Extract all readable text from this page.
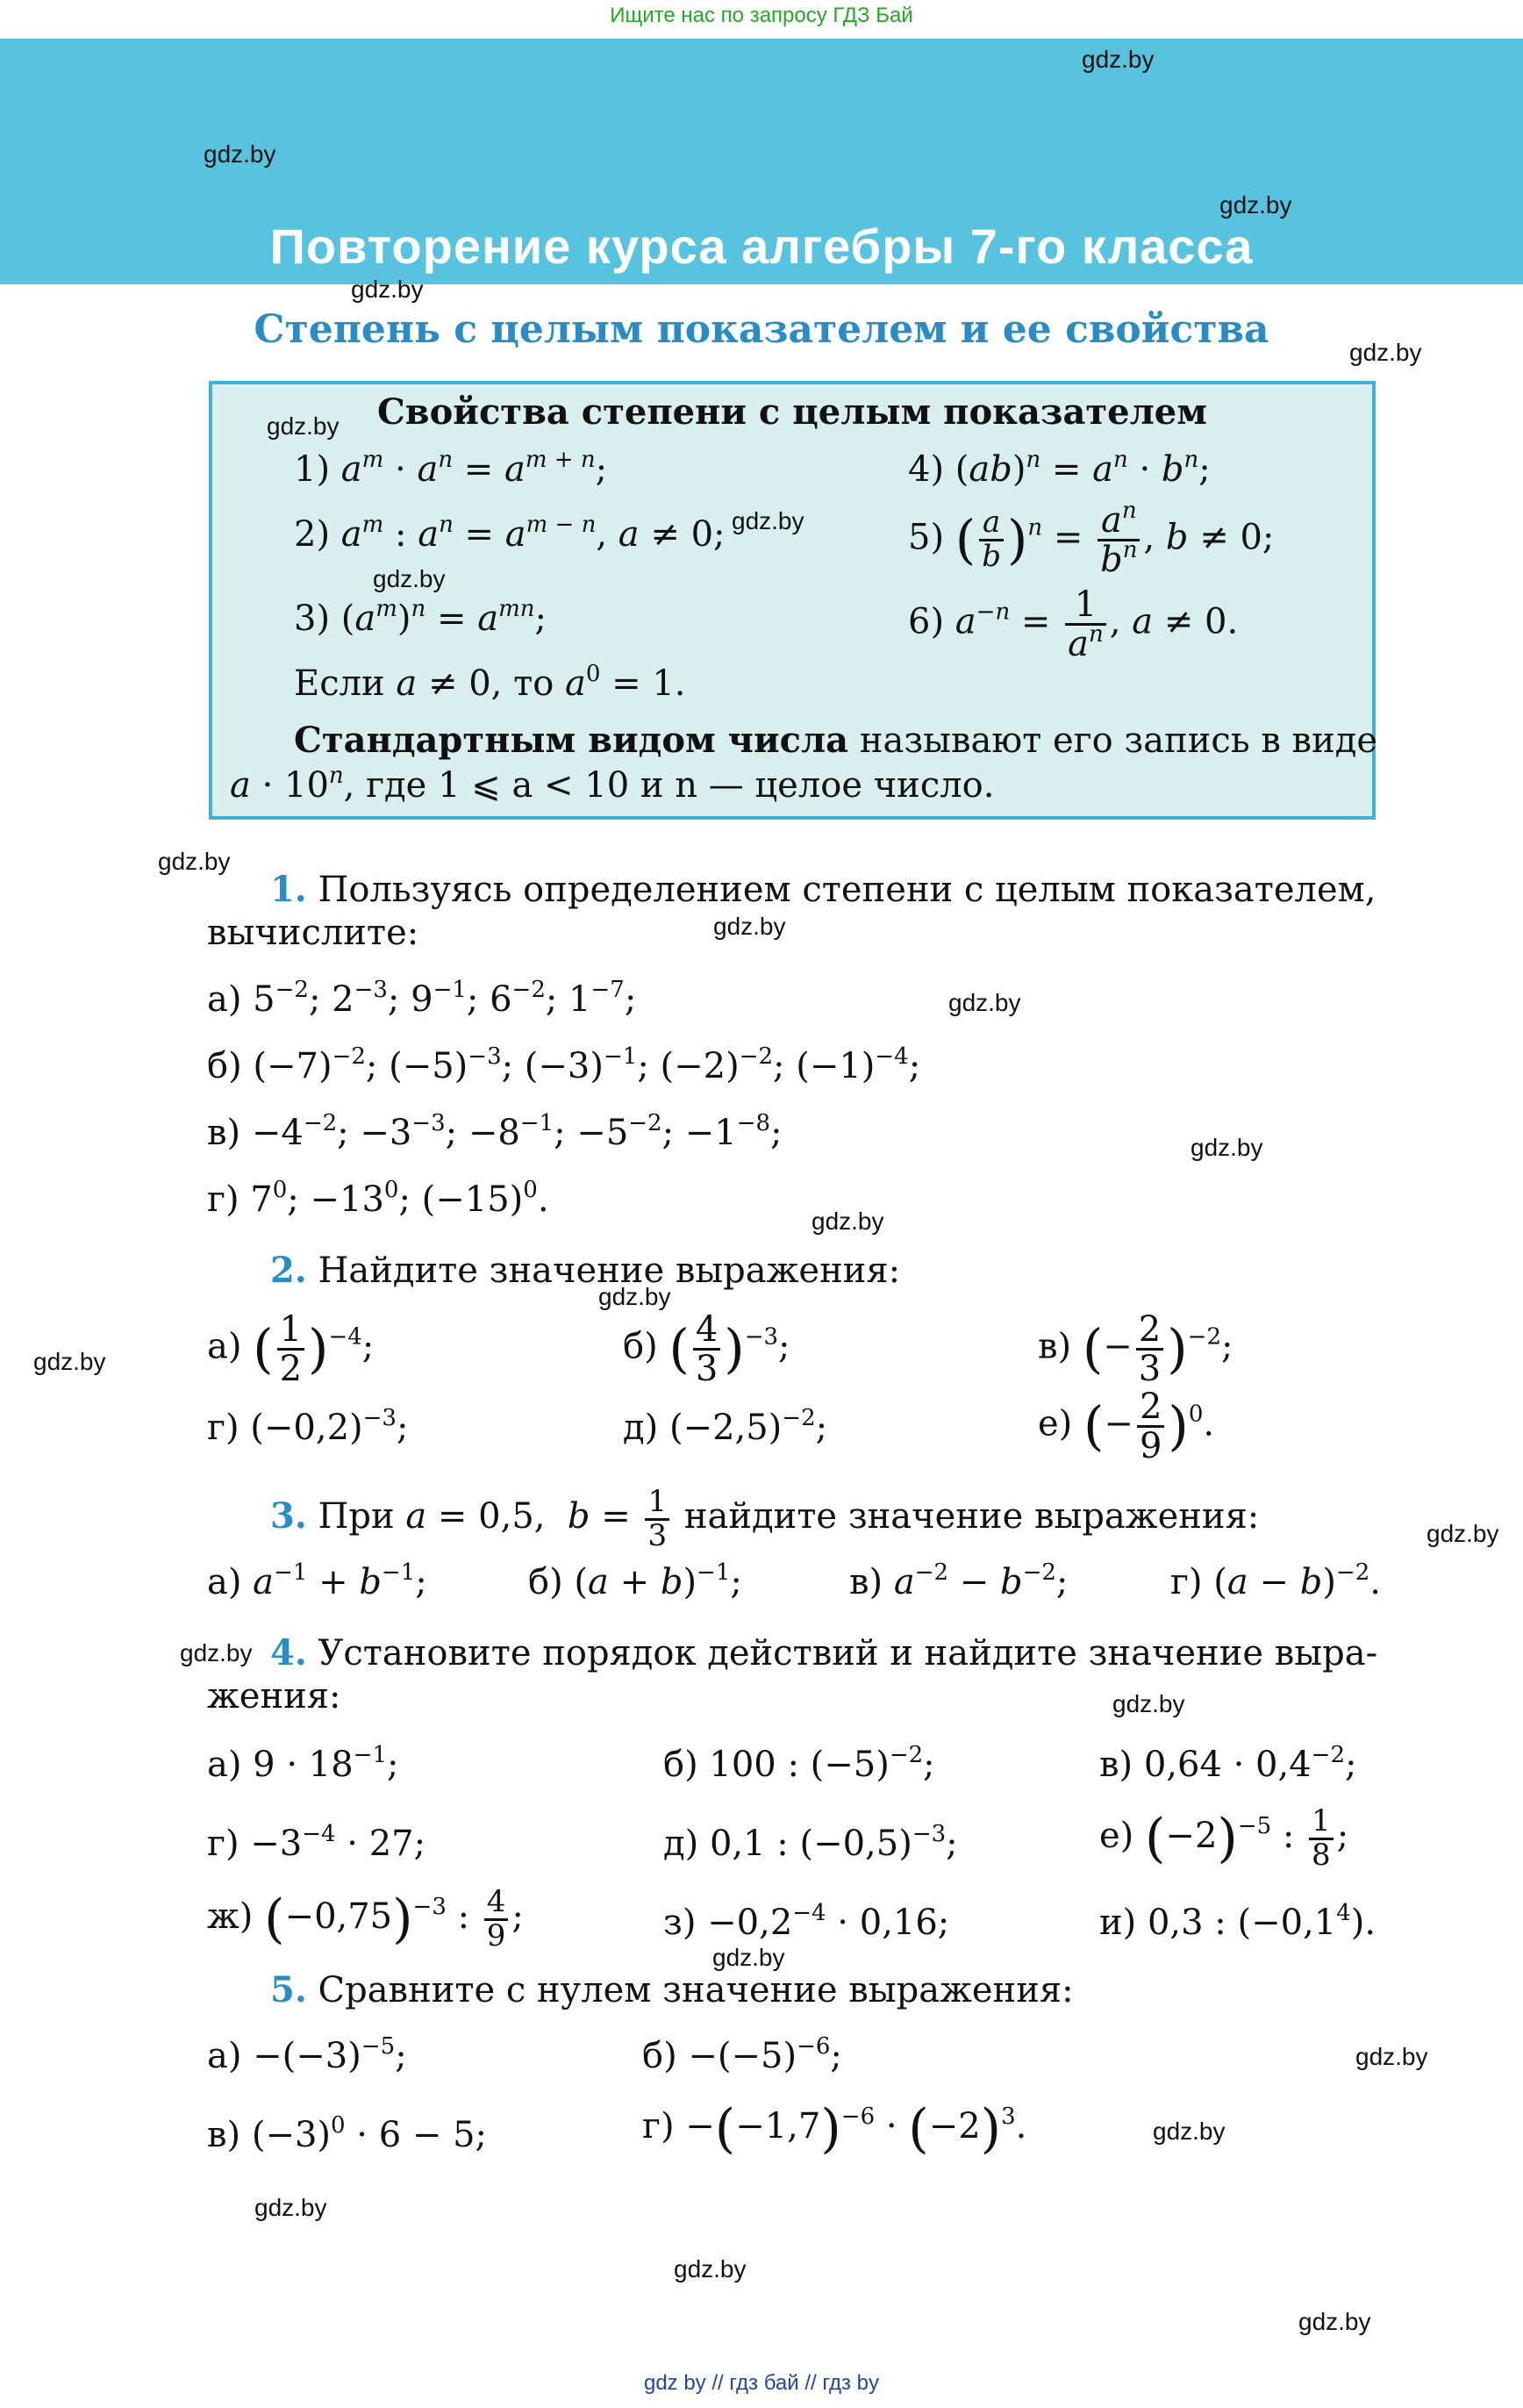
Ищите нас по запросу ГДЗ Бай
Повторение курса алгебры 7-го класса
Степень с целым показателем и ее свойства
gdz.by
gdz.by
gdz.by
gdz.by
gdz.by
gdz.by
gdz.by
gdz.by
gdz.by
gdz.by
gdz.by
gdz.by
gdz.by
gdz.by
gdz.by
gdz.by
gdz.by
gdz.by
gdz.by
gdz.by
gdz.by
Свойства степени с целым показателем
gdz.by
gdz.by
gdz.by
1) $a^m \cdot a^n = a^{m + n}$;
2) $a^m$ : $a^n = a^{m - n}$, a ≠ 0;
3) $(a^m)^n = a^{mn}$;
4) $(ab)^n = a^n \cdot b^n$;
5) ( $\frac{a}{b} )^n = \frac{a^n}{b^n}$ , b ≠ 0;
6) $a^{-n} = \frac{1}{a^n}$ , a ≠ 0.
Если a ≠ 0, то $a^0 = 1$.
Стандартным видом числа называют его запись в виде
$a \cdot 10^n$, где 1 ⩽ a < 10 и n — целое число.
1. Пользуясь определением степени с целым показателем,
вычислите:
а) $5^{-2}$; $2^{-3}$; $9^{-1}$; $6^{-2}$; $1^{-7}$;
б) $(-7)^{-2}$; $(-5)^{-3}$; $(-3)^{-1}$; $(-2)^{-2}$; $(-1)^{-4}$;
$в) -4^{-2}$; $-3^{-3}$; $-8^{-1}$; $-5^{-2}$; $-1^{-8}$;
г) $7^0$; $-13^0$; $(-15)^0$.
2. Найдите значение выражения:
а) ( $\frac{1}{2} )^{-4}$;	б) ( $\frac{4}{3} )^{-3}$;	в) (− $\frac{2}{3} )^{-2}$;
г) $(-0,2)^{-3}$;	д) $(-2,5)^{-2}$;	е) (− $\frac{2}{9} )^0$.
3. При a = 0,5,  $b = \frac{1}{3}$ найдите значение выражения:
а) $a^{-1} + b^{-1}$;	б) $(a + b)^{-1}$;	в) $a^{-2} - b^{-2}$;	г) $(a - b)^{-2}$.
4. Установите порядок действий и найдите значение выра-
жения:
а) $9 \cdot 18^{-1}$;	б) 100 : $(-5)^{-2}$;	в) $0,64 \cdot 0,4^{-2}$;
$г) -3^{-4} \cdot 27$;	д) 0,1 : $(-0,5)^{-3}$;	е) $(-2)^{-5}$ : $\frac{1}{8}$ ;
ж) $(-0,75)^{-3}$ : $\frac{4}{9}$ ;	$з) -0,2^{-4} \cdot 0,16$;	и) 0,3 : $(-0,1^4)$.
5. Сравните с нулем значение выражения:
$а) -(-3)^{-5}$;	$б) -(-5)^{-6}$;
в) $(-3)^0 \cdot 6 - 5$;	$г) -(-1,7)^{-6} \cdot (-2)^3$.
gdz by // гдз бай // гдз by
